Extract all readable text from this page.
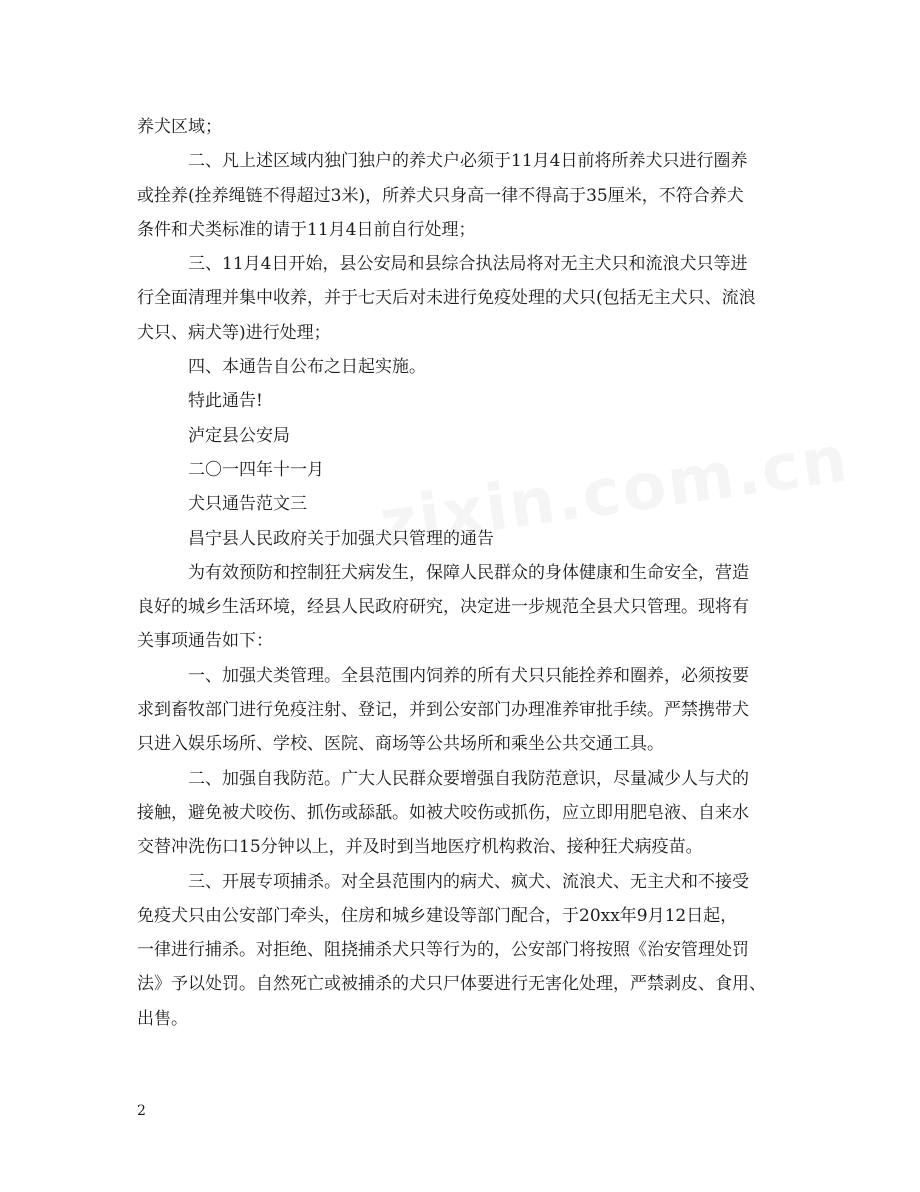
养犬区域；
二、凡上述区域内独门独户的养犬户必须于11月4日前将所养犬只进行圈养
或拴养(拴养绳链不得超过3米)，所养犬只身高一律不得高于35厘米，不符合养犬
条件和犬类标准的请于11月4日前自行处理；
三、11月4日开始，县公安局和县综合执法局将对无主犬只和流浪犬只等进
行全面清理并集中收养，并于七天后对未进行免疫处理的犬只(包括无主犬只、流浪
犬只、病犬等)进行处理；
四、本通告自公布之日起实施。
特此通告!
泸定县公安局
二〇一四年十一月
犬只通告范文三
昌宁县人民政府关于加强犬只管理的通告
为有效预防和控制狂犬病发生，保障人民群众的身体健康和生命安全，营造
良好的城乡生活环境，经县人民政府研究，决定进一步规范全县犬只管理。现将有
关事项通告如下：
一、加强犬类管理。全县范围内饲养的所有犬只只能拴养和圈养，必须按要
求到畜牧部门进行免疫注射、登记，并到公安部门办理准养审批手续。严禁携带犬
只进入娱乐场所、学校、医院、商场等公共场所和乘坐公共交通工具。
二、加强自我防范。广大人民群众要增强自我防范意识，尽量减少人与犬的
接触，避免被犬咬伤、抓伤或舔舐。如被犬咬伤或抓伤，应立即用肥皂液、自来水
交替冲洗伤口15分钟以上，并及时到当地医疗机构救治、接种狂犬病疫苗。
三、开展专项捕杀。对全县范围内的病犬、疯犬、流浪犬、无主犬和不接受
免疫犬只由公安部门牵头，住房和城乡建设等部门配合，于20xx年9月12日起，
一律进行捕杀。对拒绝、阻挠捕杀犬只等行为的，公安部门将按照《治安管理处罚
法》予以处罚。自然死亡或被捕杀的犬只尸体要进行无害化处理，严禁剥皮、食用、
出售。
2
